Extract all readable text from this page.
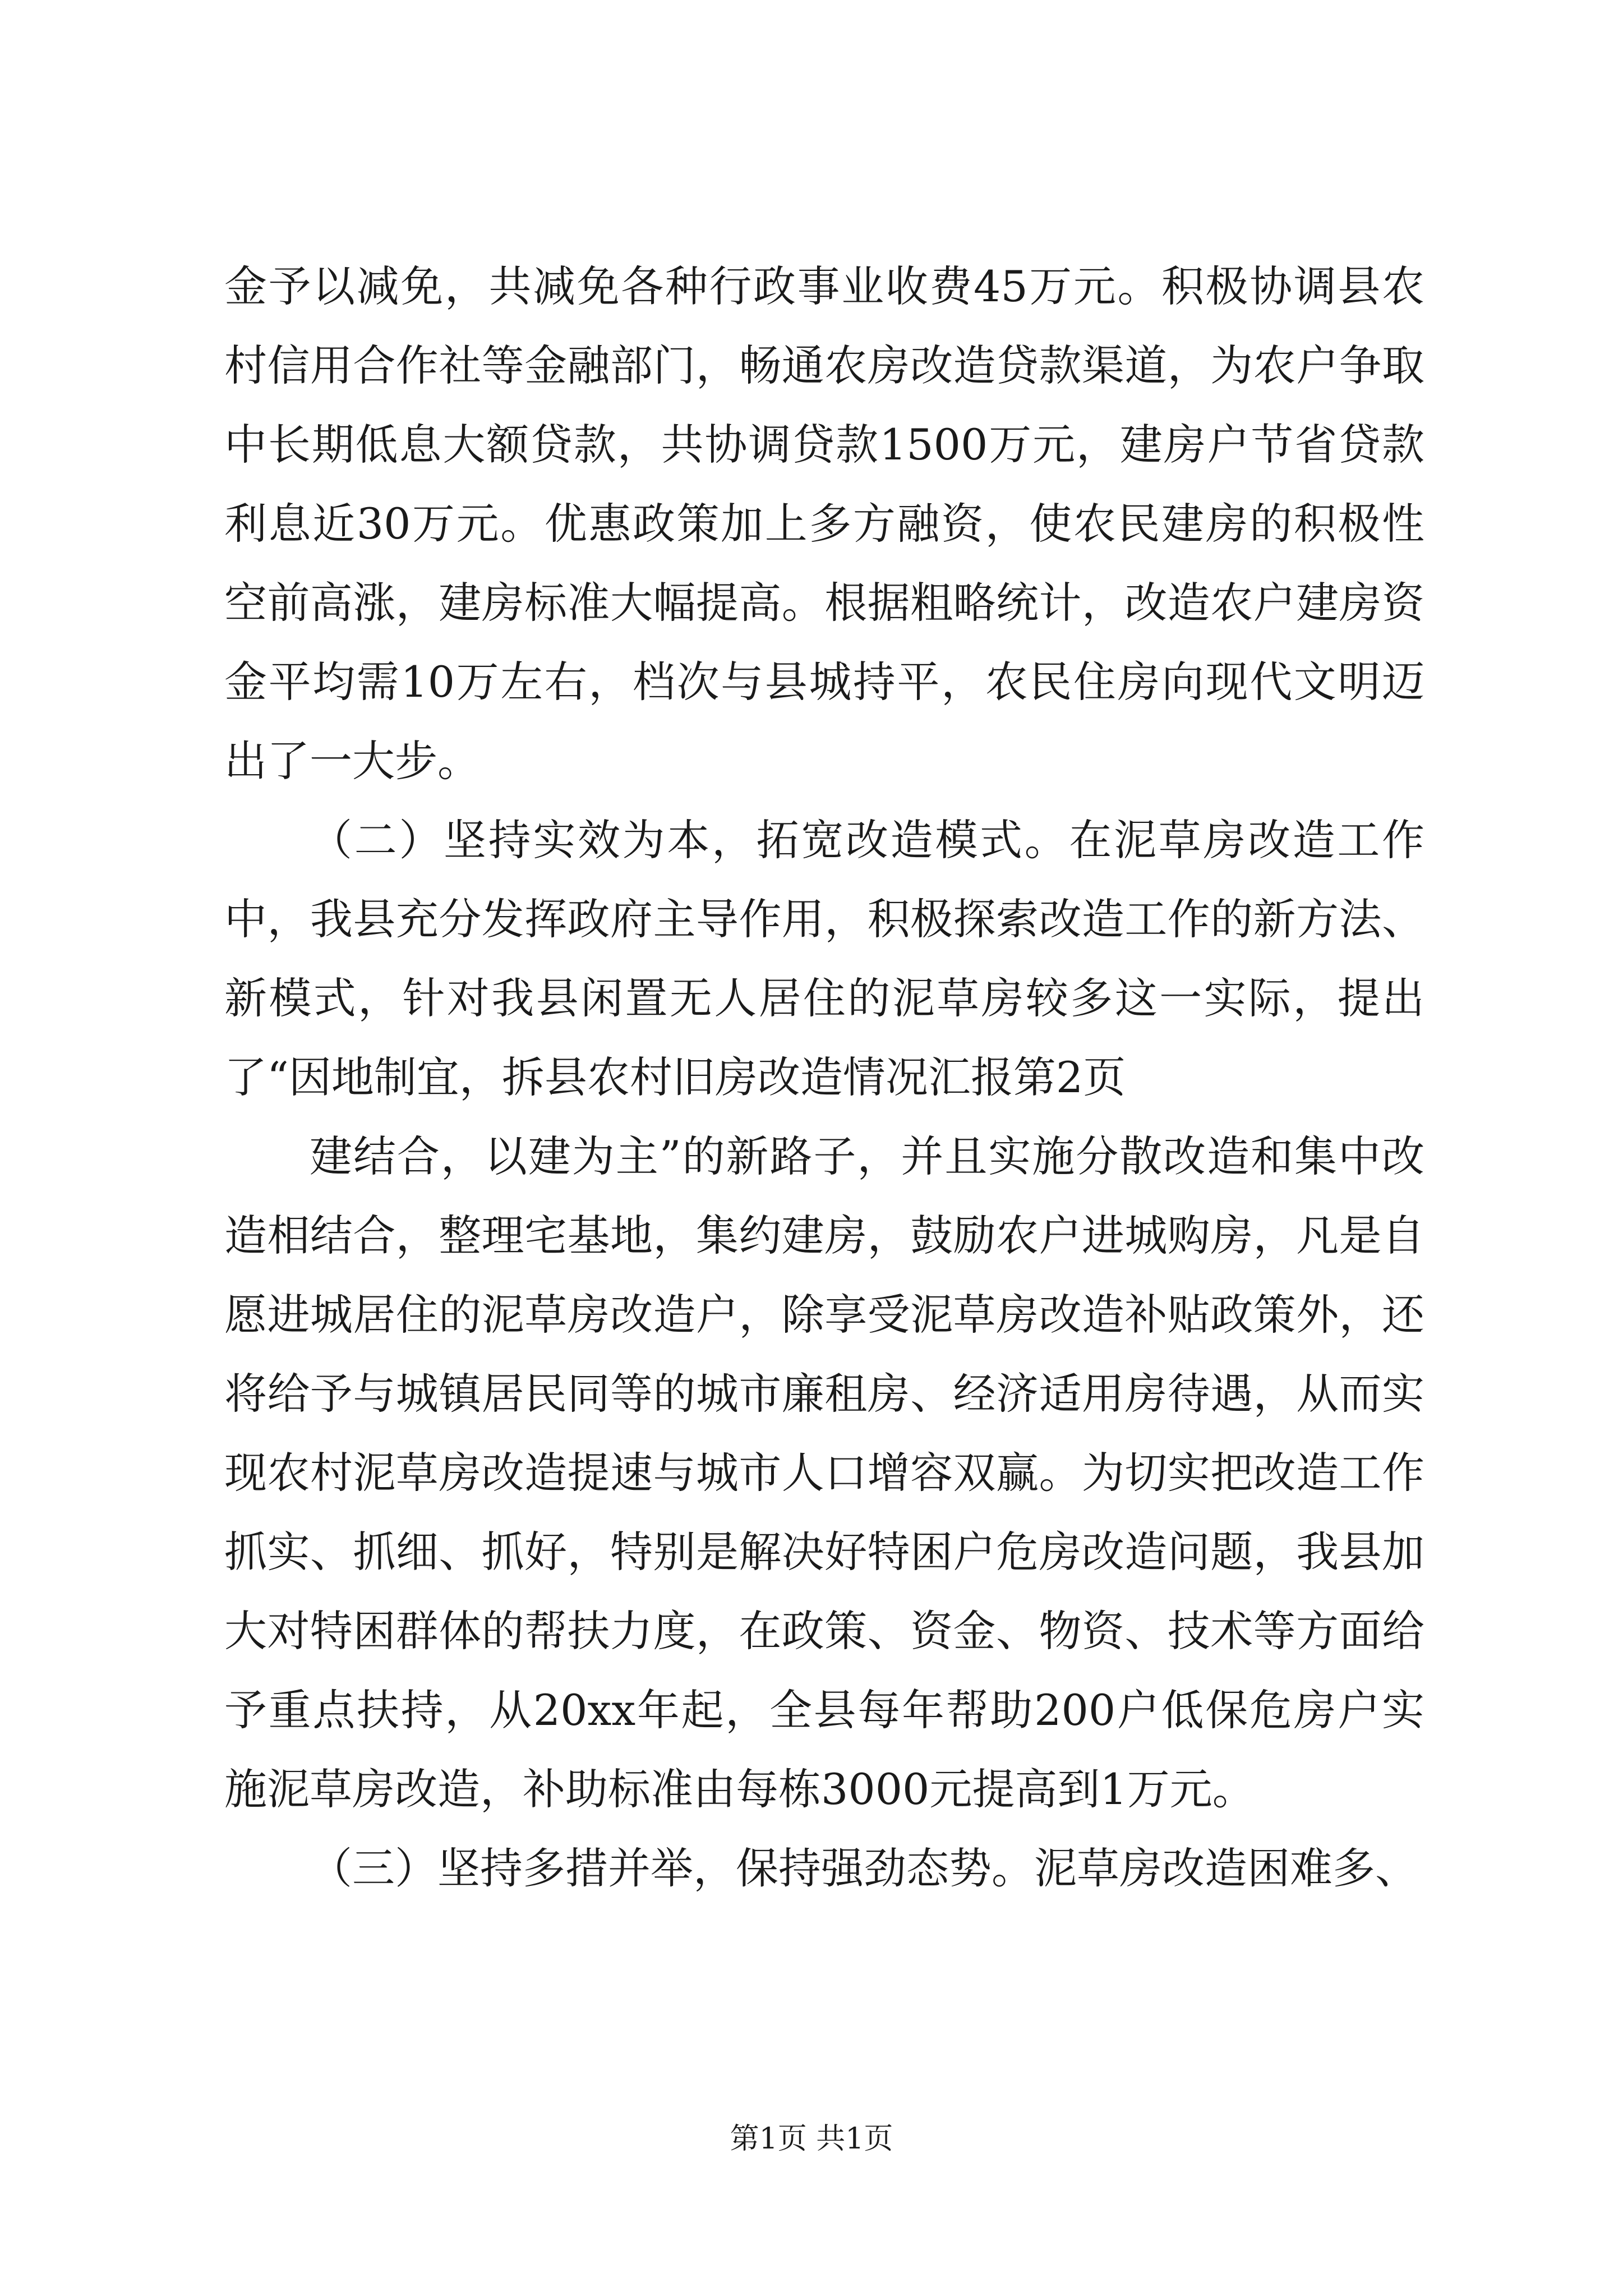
金予以减免，共减免各种行政事业收费45万元。积极协调县农村信用合作社等金融部门，畅通农房改造贷款渠道，为农户争取中长期低息大额贷款，共协调贷款1500万元，建房户节省贷款利息近30万元。优惠政策加上多方融资，使农民建房的积极性空前高涨，建房标准大幅提高。根据粗略统计，改造农户建房资金平均需10万左右，档次与县城持平，农民住房向现代文明迈出了一大步。

（二）坚持实效为本，拓宽改造模式。在泥草房改造工作中，我县充分发挥政府主导作用，积极探索改造工作的新方法、新模式，针对我县闲置无人居住的泥草房较多这一实际，提出了“因地制宜，拆县农村旧房改造情况汇报第2页

建结合，以建为主”的新路子，并且实施分散改造和集中改造相结合，整理宅基地，集约建房，鼓励农户进城购房，凡是自愿进城居住的泥草房改造户，除享受泥草房改造补贴政策外，还将给予与城镇居民同等的城市廉租房、经济适用房待遇，从而实现农村泥草房改造提速与城市人口增容双赢。为切实把改造工作抓实、抓细、抓好，特别是解决好特困户危房改造问题，我县加大对特困群体的帮扶力度，在政策、资金、物资、技术等方面给予重点扶持，从20xx年起，全县每年帮助200户低保危房户实施泥草房改造，补助标准由每栋3000元提高到1万元。

（三）坚持多措并举，保持强劲态势。泥草房改造困难多、

第1页 共1页
